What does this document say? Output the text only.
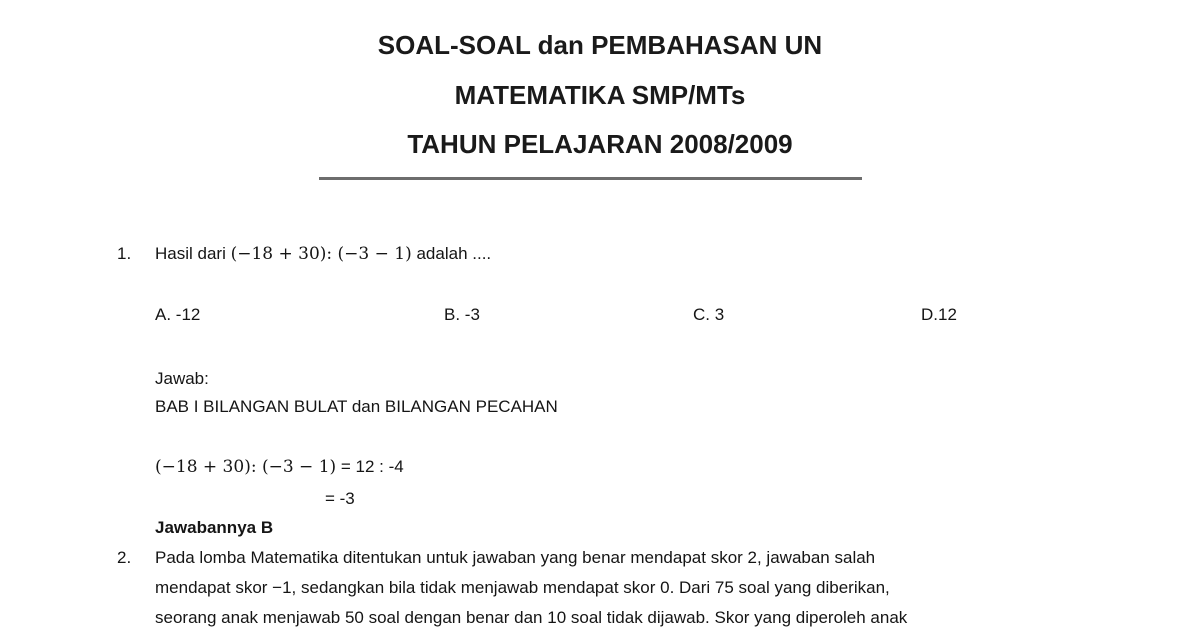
SOAL-SOAL dan PEMBAHASAN UN
MATEMATIKA SMP/MTs
TAHUN PELAJARAN 2008/2009
1. Hasil dari (−18 + 30): (−3 − 1) adalah ....
A. -12	B. -3	C. 3	D.12
Jawab:
BAB I BILANGAN BULAT dan BILANGAN PECAHAN
(−18 + 30): (−3 − 1) = 12 : -4
= -3
Jawabannya B
2. Pada lomba Matematika ditentukan untuk jawaban yang benar mendapat skor 2, jawaban salah
mendapat skor −1, sedangkan bila tidak menjawab mendapat skor 0. Dari 75 soal yang diberikan,
seorang anak menjawab 50 soal dengan benar dan 10 soal tidak dijawab. Skor yang diperoleh anak
